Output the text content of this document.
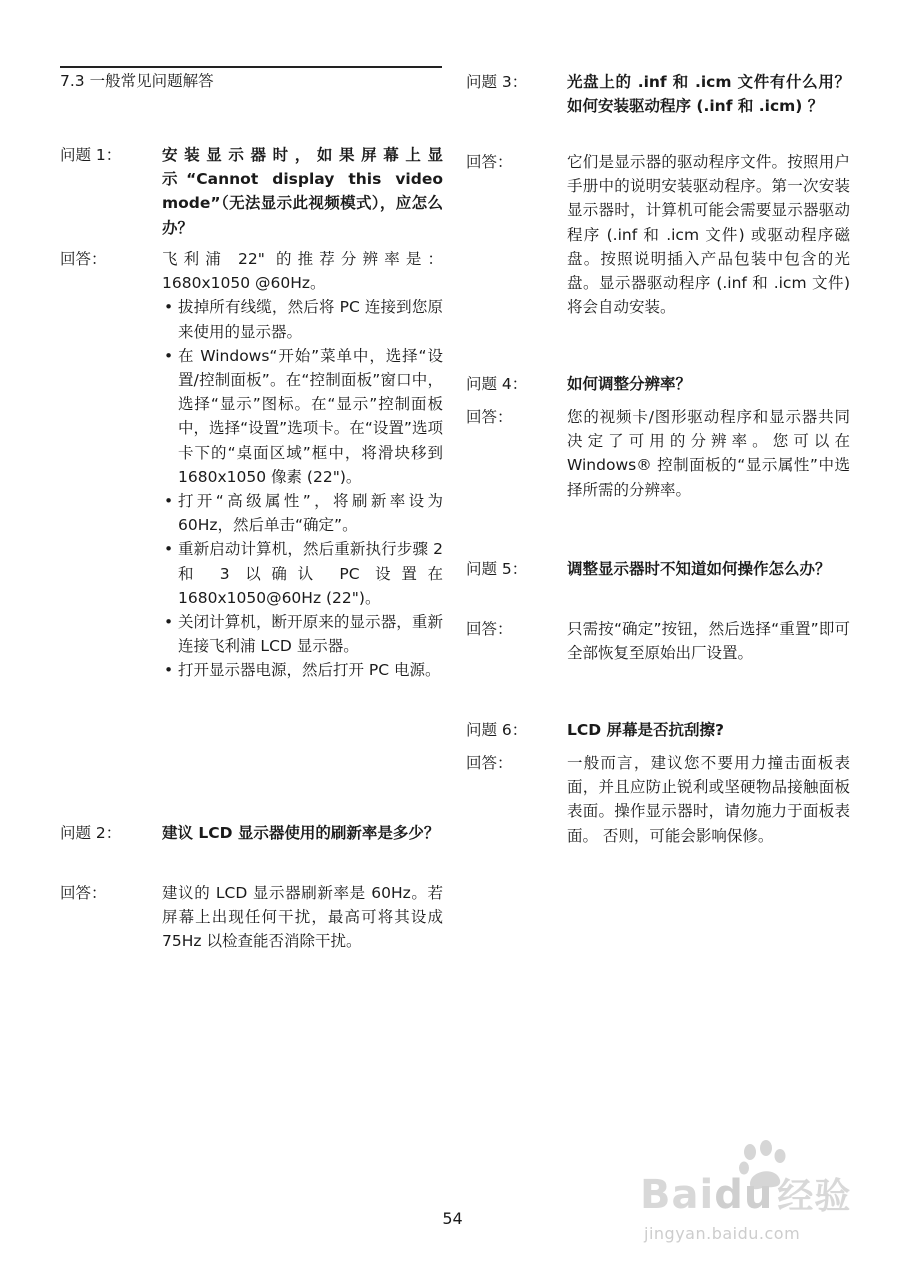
7.3 一般常见问题解答
问题 1：	安装显示器时，如果屏幕上显示“Cannot display this video mode”（无法显示此视频模式），应怎么办？
回答：	飞利浦 22" 的推荐分辨率是：1680x1050 @60Hz。
• 拔掉所有线缆，然后将 PC 连接到您原来使用的显示器。
• 在 Windows“开始”菜单中，选择“设置/控制面板”。在“控制面板”窗口中，选择“显示”图标。在“显示”控制面板中，选择“设置”选项卡。在“设置”选项卡下的“桌面区域”框中，将滑块移到 1680x1050 像素 (22")。
• 打开“高级属性”，将刷新率设为 60Hz，然后单击“确定”。
• 重新启动计算机，然后重新执行步骤 2 和 3 以确认 PC 设置在 1680x1050@60Hz (22")。
• 关闭计算机，断开原来的显示器，重新连接飞利浦 LCD 显示器。
• 打开显示器电源，然后打开 PC 电源。
问题 2：	建议 LCD 显示器使用的刷新率是多少？
回答：	建议的 LCD 显示器刷新率是 60Hz。若屏幕上出现任何干扰，最高可将其设成 75Hz 以检查能否消除干扰。
问题 3：	光盘上的 .inf 和 .icm 文件有什么用？ 如何安装驱动程序 (.inf 和 .icm) ？
回答：	它们是显示器的驱动程序文件。按照用户手册中的说明安装驱动程序。第一次安装显示器时，计算机可能会需要显示器驱动程序 (.inf 和 .icm 文件) 或驱动程序磁盘。按照说明插入产品包装中包含的光盘。显示器驱动程序 (.inf 和 .icm 文件) 将会自动安装。
问题 4：	如何调整分辨率？
回答：	您的视频卡/图形驱动程序和显示器共同决定了可用的分辨率。您可以在 Windows® 控制面板的“显示属性”中选择所需的分辨率。
问题 5：	调整显示器时不知道如何操作怎么办？
回答：	只需按“确定”按钮，然后选择“重置”即可全部恢复至原始出厂设置。
问题 6：	LCD 屏幕是否抗刮擦?
回答：	一般而言，建议您不要用力撞击面板表面，并且应防止锐利或坚硬物品接触面板表面。操作显示器时，请勿施力于面板表面。 否则，可能会影响保修。
Baidu 经验
jingyan.baidu.com
54
